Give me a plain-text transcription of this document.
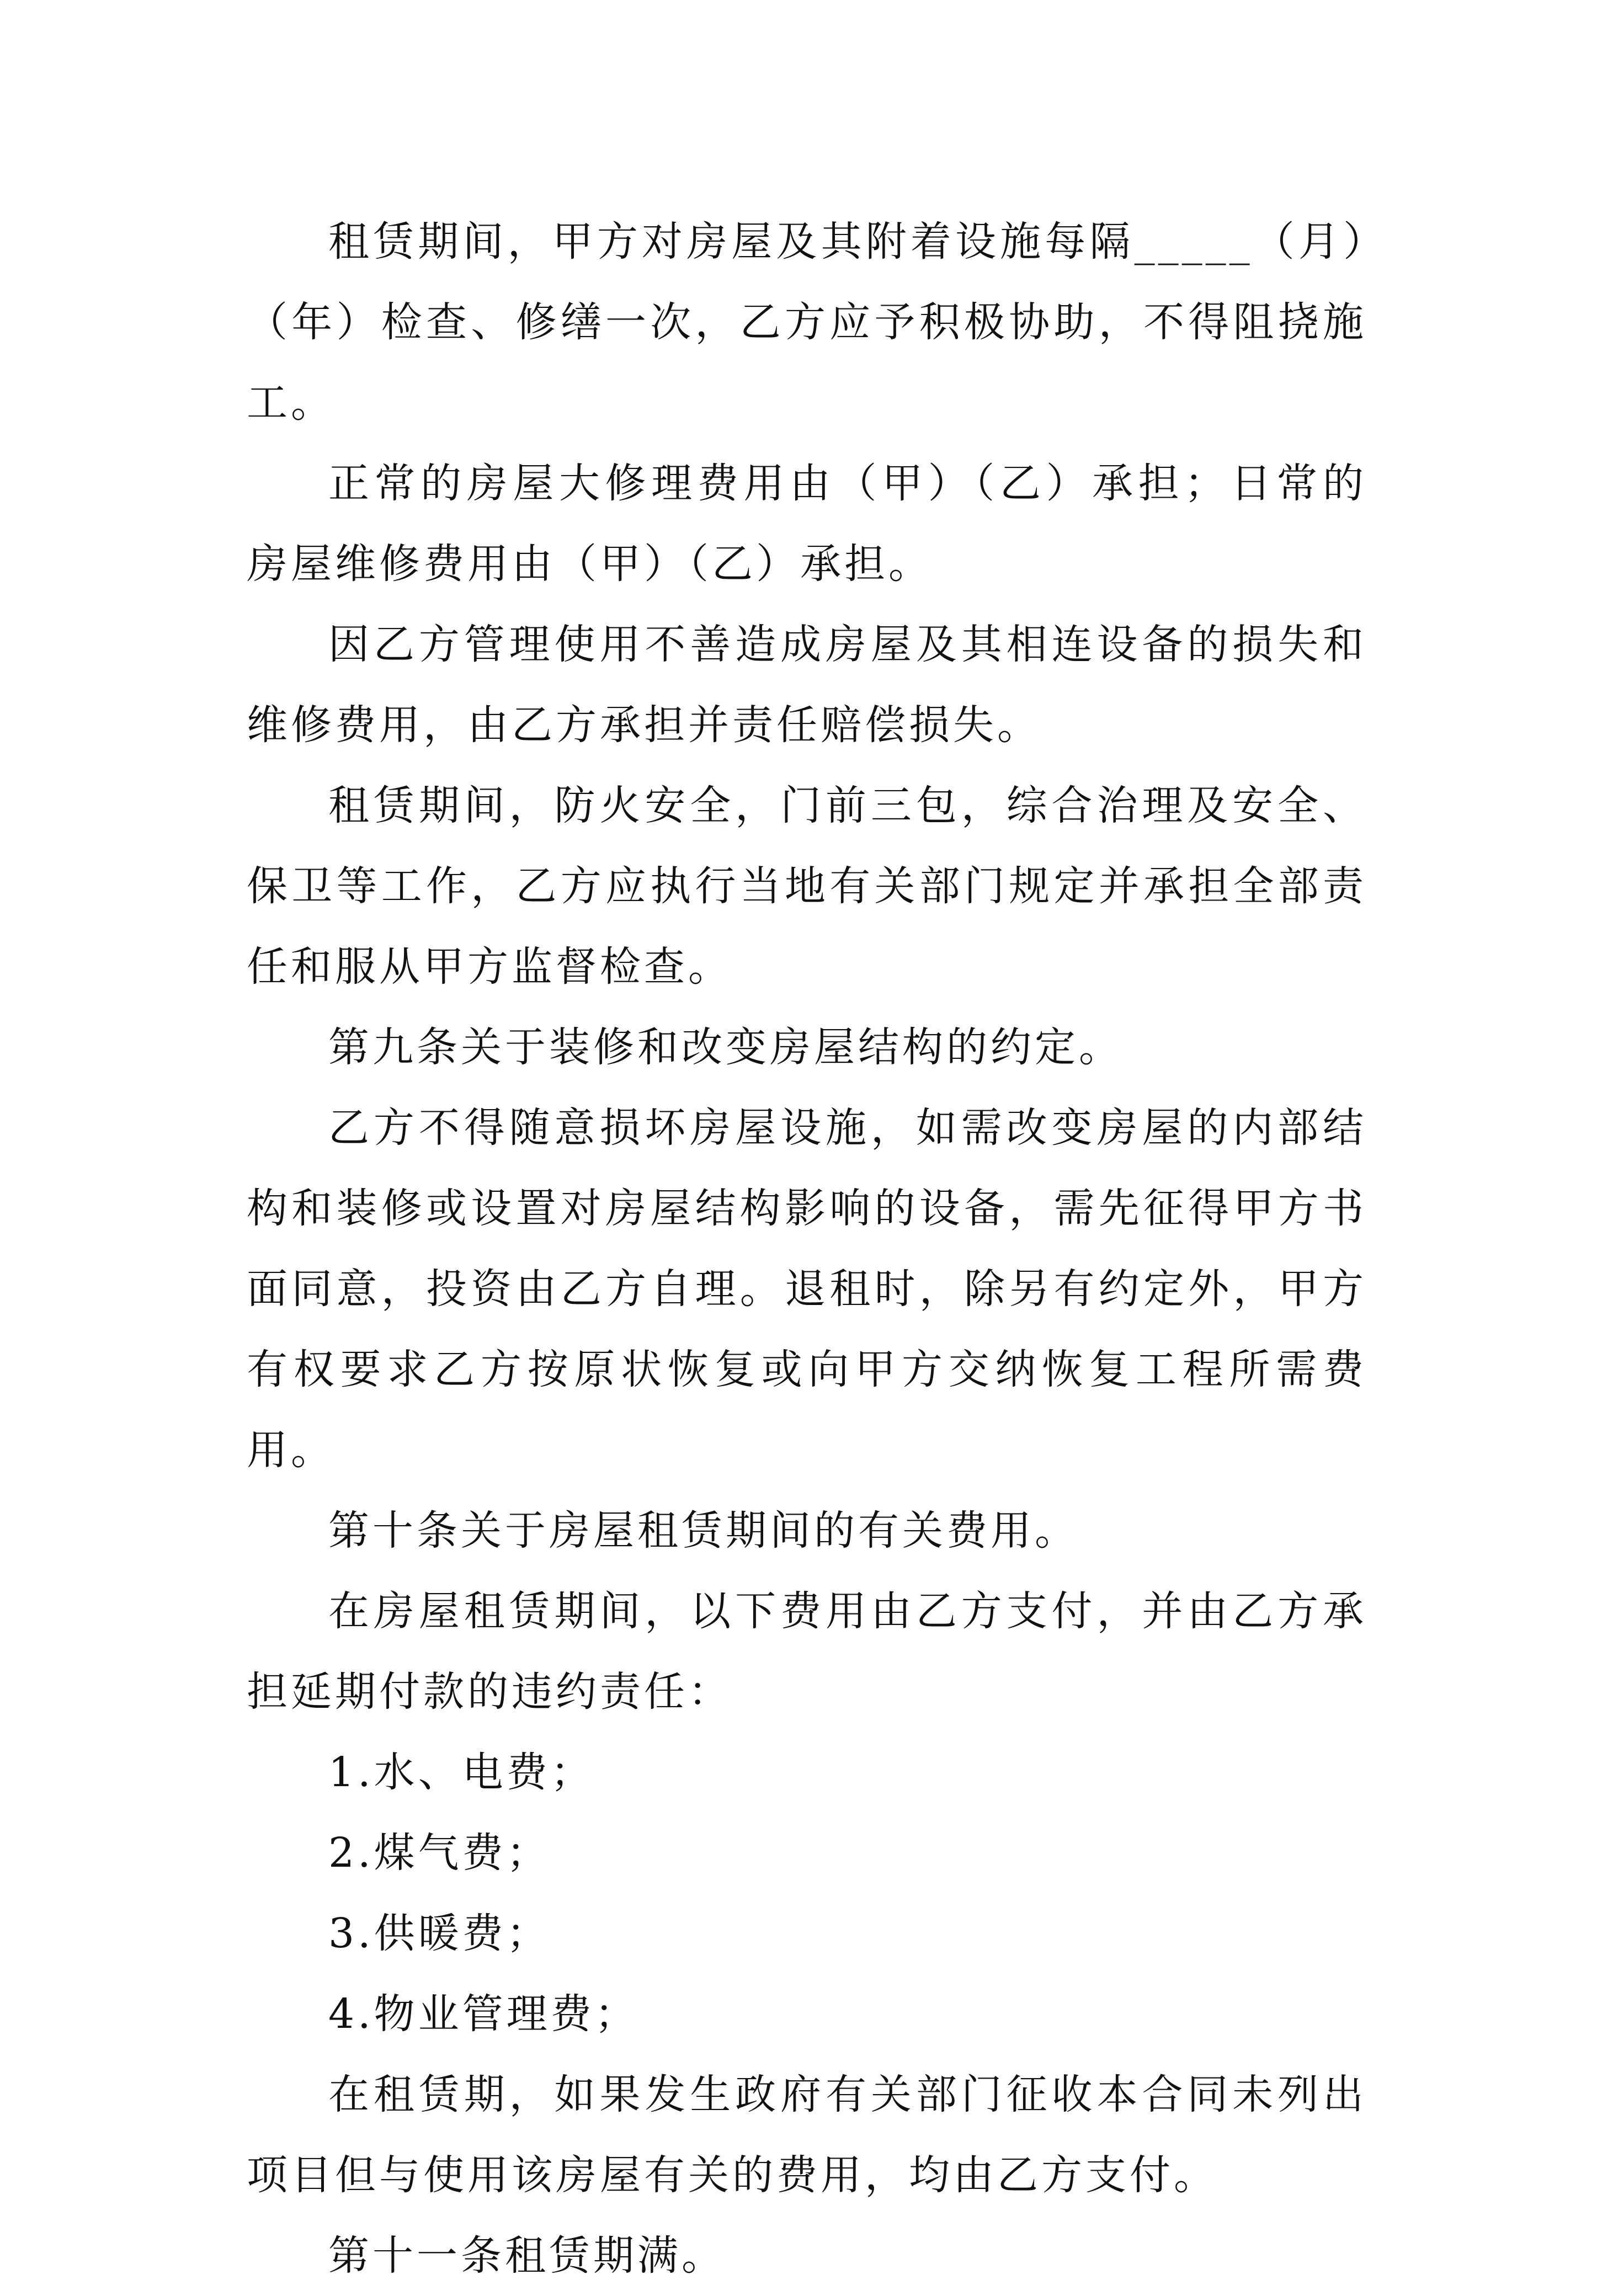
租赁期间，甲方对房屋及其附着设施每隔_____（月）（年）检查、修缮一次，乙方应予积极协助，不得阻挠施工。

正常的房屋大修理费用由（甲）（乙）承担；日常的房屋维修费用由（甲）（乙）承担。

因乙方管理使用不善造成房屋及其相连设备的损失和维修费用，由乙方承担并责任赔偿损失。

租赁期间，防火安全，门前三包，综合治理及安全、保卫等工作，乙方应执行当地有关部门规定并承担全部责任和服从甲方监督检查。

第九条关于装修和改变房屋结构的约定。

乙方不得随意损坏房屋设施，如需改变房屋的内部结构和装修或设置对房屋结构影响的设备，需先征得甲方书面同意，投资由乙方自理。退租时，除另有约定外，甲方有权要求乙方按原状恢复或向甲方交纳恢复工程所需费用。

第十条关于房屋租赁期间的有关费用。

在房屋租赁期间，以下费用由乙方支付，并由乙方承担延期付款的违约责任：

1.水、电费；

2.煤气费；

3.供暖费；

4.物业管理费；

在租赁期，如果发生政府有关部门征收本合同未列出项目但与使用该房屋有关的费用，均由乙方支付。

第十一条租赁期满。
